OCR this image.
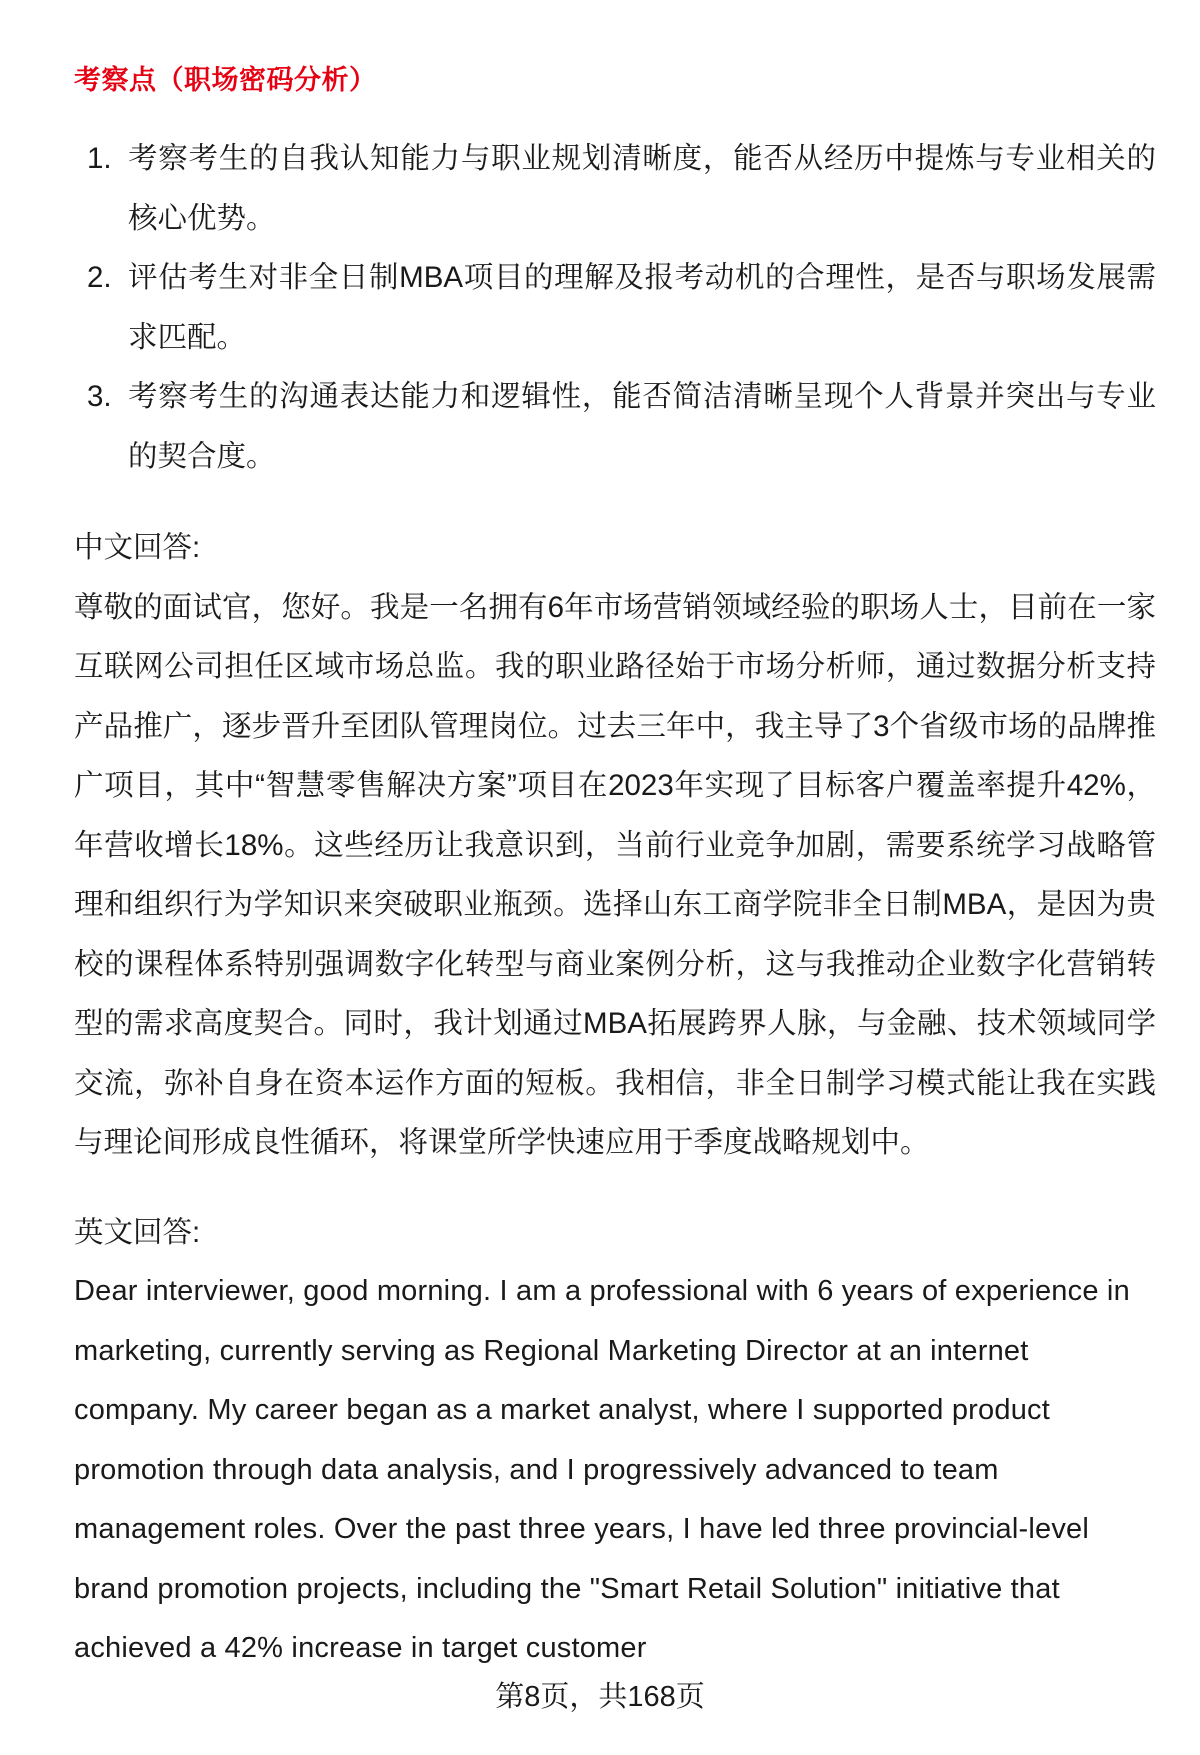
考察点（职场密码分析）
1. 考察考生的自我认知能力与职业规划清晰度，能否从经历中提炼与专业相关的核心优势。
2. 评估考生对非全日制MBA项目的理解及报考动机的合理性，是否与职场发展需求匹配。
3. 考察考生的沟通表达能力和逻辑性，能否简洁清晰呈现个人背景并突出与专业的契合度。
中文回答:

尊敬的面试官，您好。我是一名拥有6年市场营销领域经验的职场人士，目前在一家互联网公司担任区域市场总监。我的职业路径始于市场分析师，通过数据分析支持产品推广，逐步晋升至团队管理岗位。过去三年中，我主导了3个省级市场的品牌推广项目，其中“智慧零售解决方案”项目在2023年实现了目标客户覆盖率提升42%，年营收增长18%。这些经历让我意识到，当前行业竞争加剧，需要系统学习战略管理和组织行为学知识来突破职业瓶颈。选择山东工商学院非全日制MBA，是因为贵校的课程体系特别强调数字化转型与商业案例分析，这与我推动企业数字化营销转型的需求高度契合。同时，我计划通过MBA拓展跨界人脉，与金融、技术领域同学交流，弥补自身在资本运作方面的短板。我相信，非全日制学习模式能让我在实践与理论间形成良性循环，将课堂所学快速应用于季度战略规划中。

英文回答:

Dear interviewer, good morning. I am a professional with 6 years of experience in marketing, currently serving as Regional Marketing Director at an internet company. My career began as a market analyst, where I supported product promotion through data analysis, and I progressively advanced to team management roles. Over the past three years, I have led three provincial-level brand promotion projects, including the "Smart Retail Solution" initiative that achieved a 42% increase in target customer

第8页，共168页
